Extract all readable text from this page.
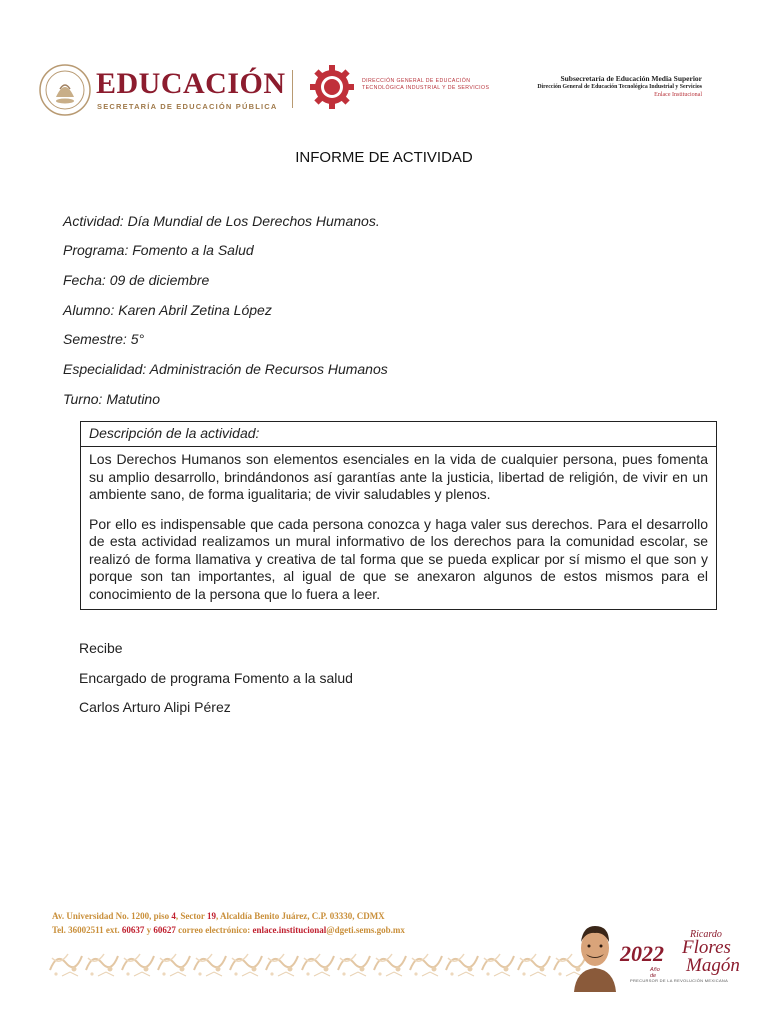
EDUCACIÓN
SECRETARÍA DE EDUCACIÓN PÚBLICA
DIRECCIÓN GENERAL DE EDUCACIÓN
TECNOLÓGICA INDUSTRIAL Y DE SERVICIOS
Subsecretaría de Educación Media Superior
Dirección General de Educación Tecnológica Industrial y Servicios
Enlace Institucional
INFORME DE ACTIVIDAD
Actividad: Día Mundial de Los Derechos Humanos.
Programa: Fomento a la Salud
Fecha: 09 de diciembre
Alumno: Karen Abril Zetina López
Semestre: 5°
Especialidad: Administración de Recursos Humanos
Turno: Matutino
Descripción de la actividad:

Los Derechos Humanos son elementos esenciales en la vida de cualquier persona, pues fomenta su amplio desarrollo, brindándonos así garantías ante la justicia, libertad de religión, de vivir en un ambiente sano, de forma igualitaria; de vivir saludables y plenos.

Por ello es indispensable que cada persona conozca y haga valer sus derechos. Para el desarrollo de esta actividad realizamos un mural informativo de los derechos para la comunidad escolar, se realizó de forma llamativa y creativa de tal forma que se pueda explicar por sí mismo el que son y porque son tan importantes, al igual de que se anexaron algunos de estos mismos para el conocimiento de la persona que lo fuera a leer.

Recibe
Encargado de programa Fomento a la salud
Carlos Arturo Alipi Pérez
Av. Universidad No. 1200, piso 4, Sector 19, Alcaldía Benito Juárez, C.P. 03330, CDMX
Tel. 36002511 ext. 60637 y 60627 correo electrónico: enlace.institucional@dgeti.sems.gob.mx
2022
Año de
Ricardo
Flores
Magón
PRECURSOR DE LA REVOLUCIÓN MEXICANA
